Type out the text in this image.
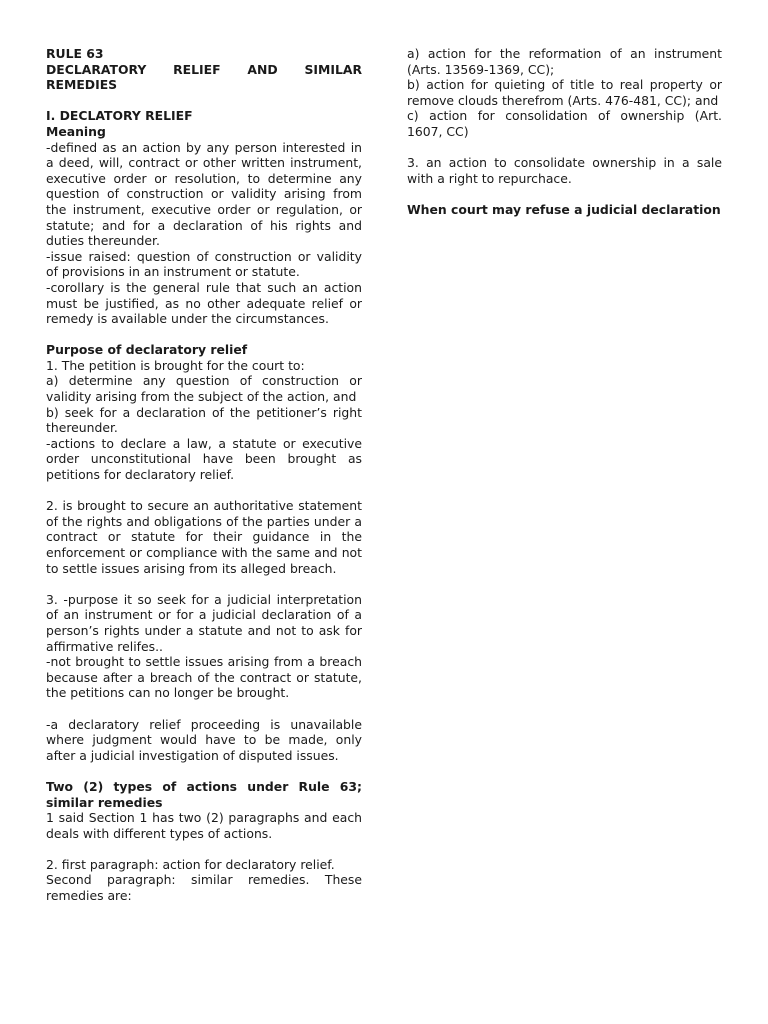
RULE 63

DECLARATORY RELIEF AND SIMILAR

REMEDIES

I. DECLATORY RELIEF

Meaning

-defined as an action by any person interested in a deed, will, contract or other written instrument, executive order or resolution, to determine any question of construction or validity arising from the instrument, executive order or regulation, or statute; and for a declaration of his rights and duties thereunder.

-issue raised: question of construction or validity of provisions in an instrument or statute.

-corollary is the general rule that such an action must be justified, as no other adequate relief or remedy is available under the circumstances.

Purpose of declaratory relief

1. The petition is brought for the court to:

a) determine any question of construction or validity arising from the subject of the action, and

b) seek for a declaration of the petitioner’s right thereunder.

-actions to declare a law, a statute or executive order unconstitutional have been brought as petitions for declaratory relief.

2. is brought to secure an authoritative statement of the rights and obligations of the parties under a contract or statute for their guidance in the enforcement or compliance with the same and not to settle issues arising from its alleged breach.

3. -purpose it so seek for a judicial interpretation of an instrument or for a judicial declaration of a person’s rights under a statute and not to ask for affirmative relifes..

-not brought to settle issues arising from a breach because after a breach of the contract or statute, the petitions can no longer be brought.

-a declaratory relief proceeding is unavailable where judgment would have to be made, only after a judicial investigation of disputed issues.

Two (2) types of actions under Rule 63; similar remedies

1 said Section 1 has two (2) paragraphs and each deals with different types of actions.

2. first paragraph: action for declaratory relief.

Second paragraph: similar remedies. These remedies are:

a) action for the reformation of an instrument (Arts. 13569-1369, CC);

b) action for quieting of title to real property or remove clouds therefrom (Arts. 476-481, CC); and

c) action for consolidation of ownership (Art. 1607, CC)

3. an action to consolidate ownership in a sale with a right to repurchace.

When court may refuse a judicial declaration
